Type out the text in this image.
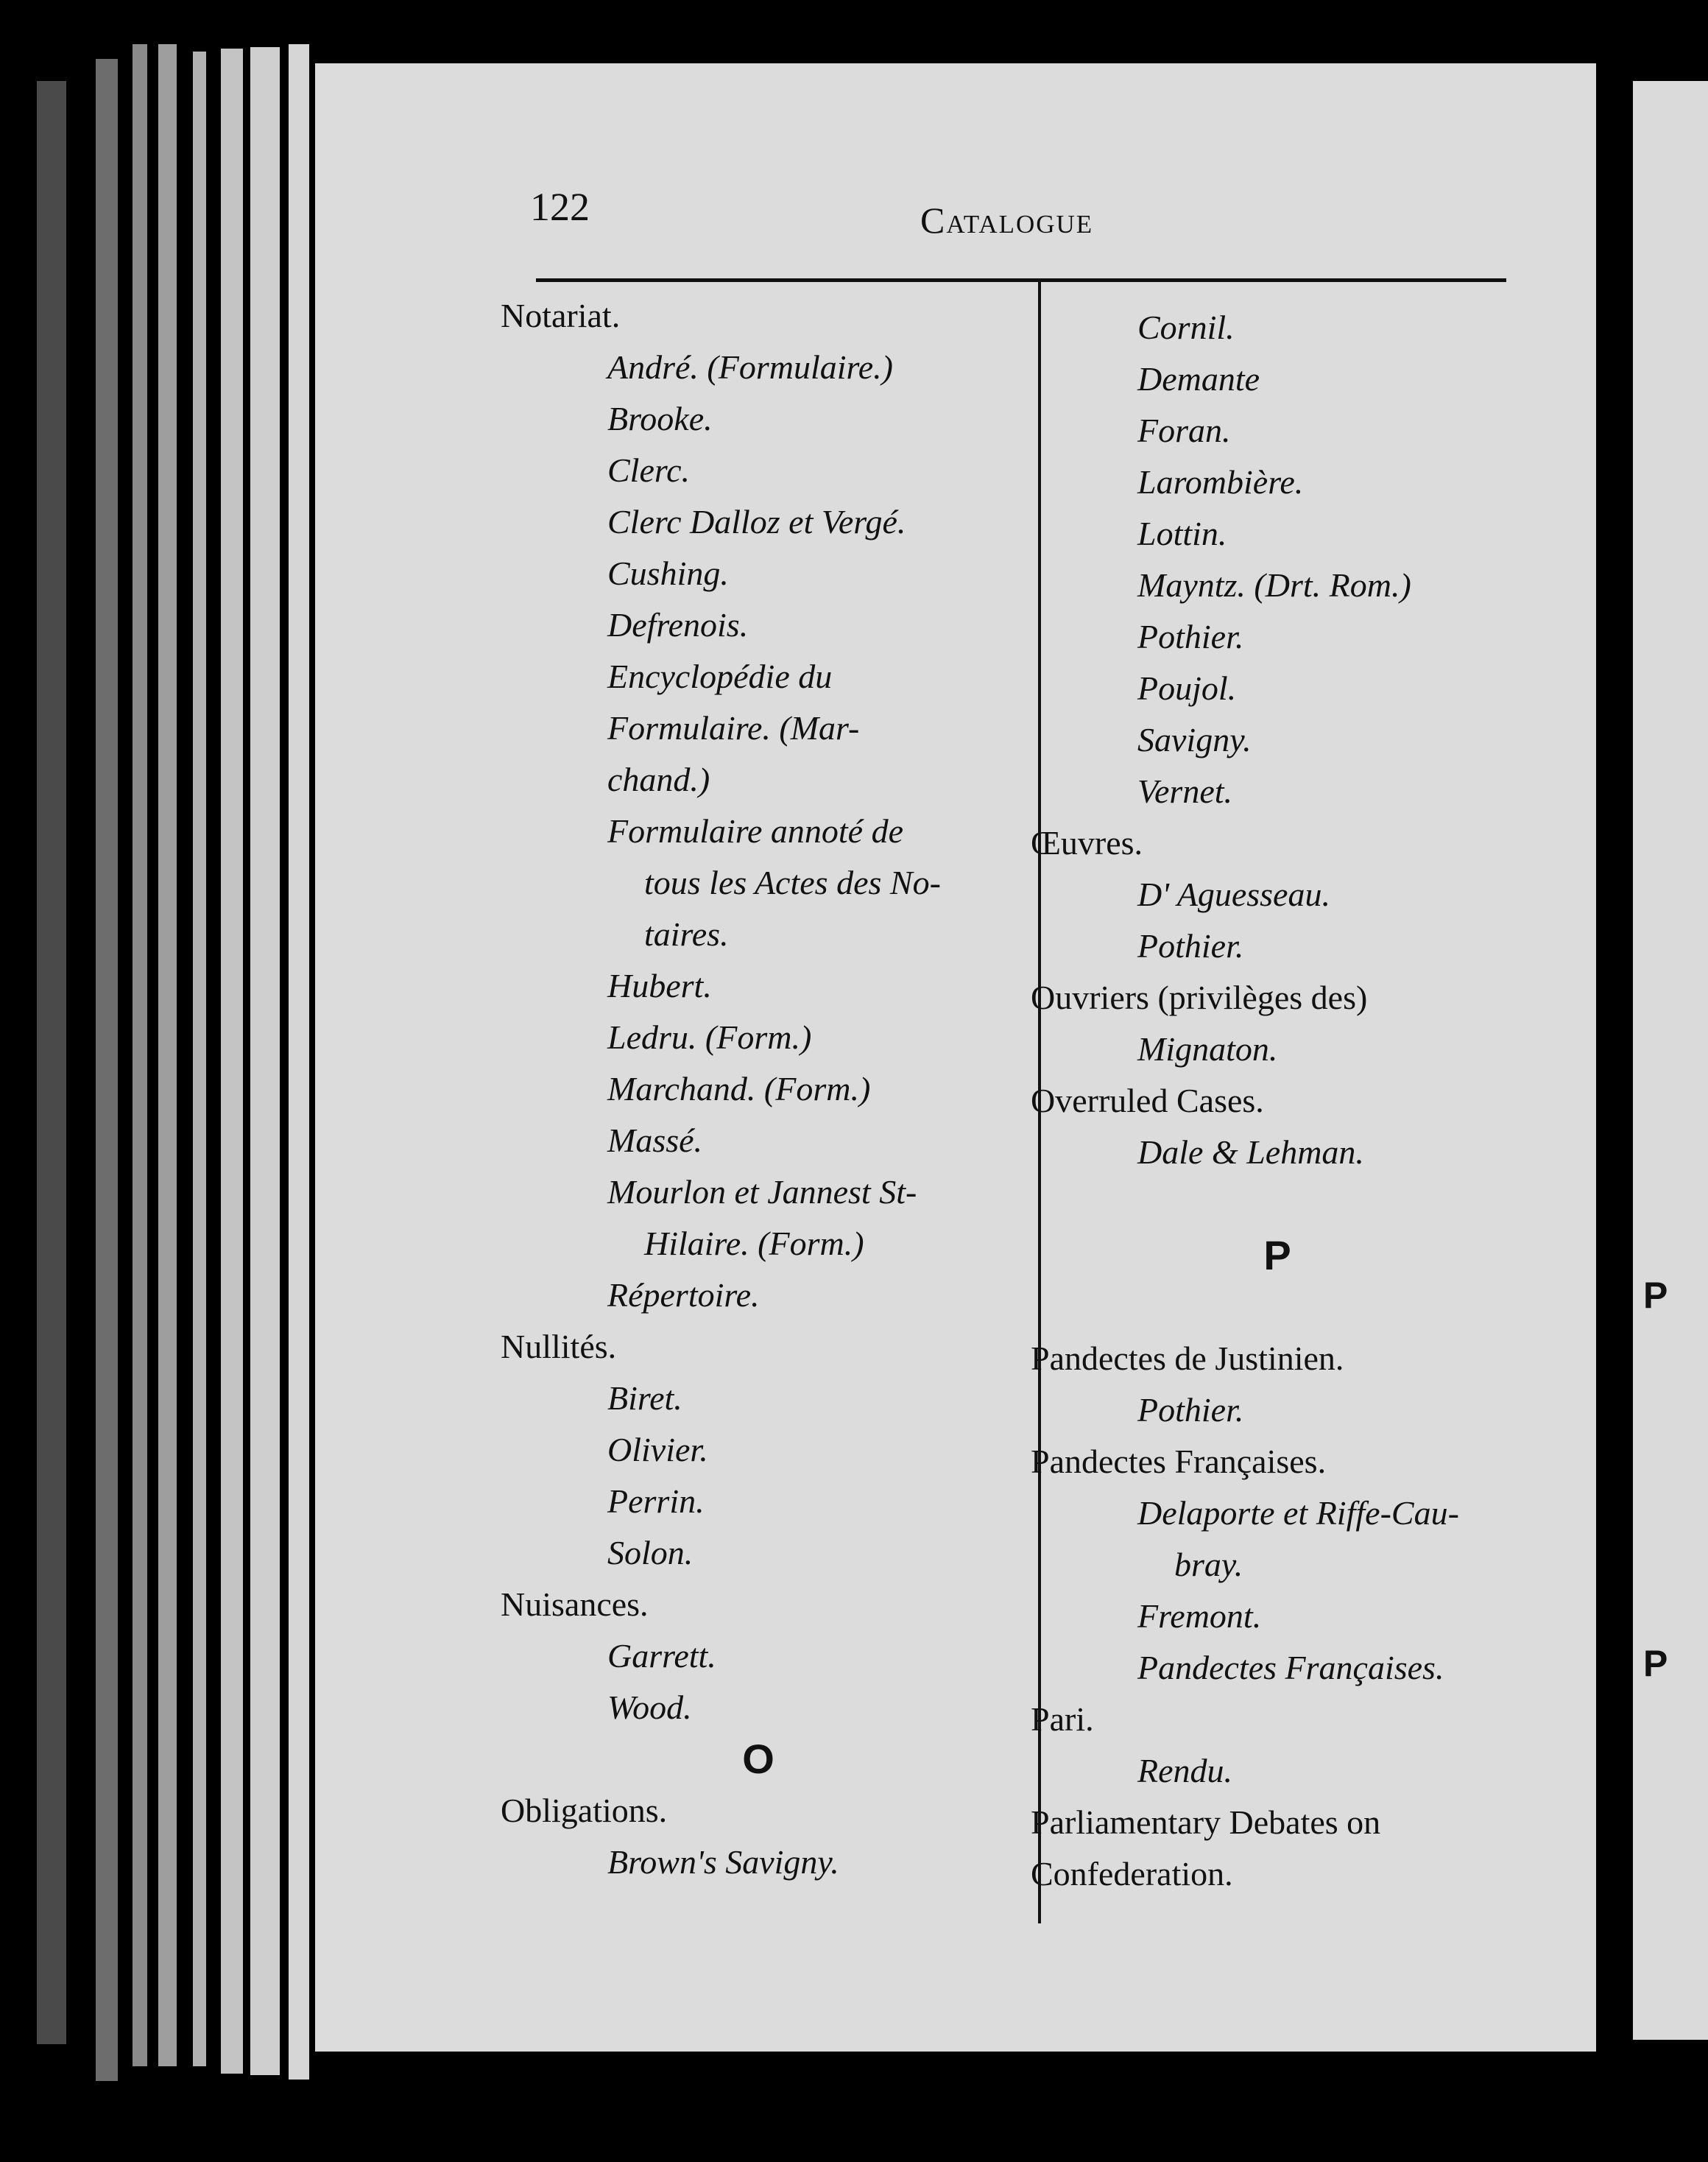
P
P
122	Catalogue
Notariat.
André. (Formulaire.)
Brooke.
Clerc.
Clerc Dalloz et Vergé.
Cushing.
Defrenois.
Encyclopédie du
Formulaire. (Mar-
chand.)
Formulaire annoté de
tous les Actes des No-
taires.
Hubert.
Ledru. (Form.)
Marchand. (Form.)
Massé.
Mourlon et Jannest St-
Hilaire. (Form.)
Répertoire.
Nullités.
Biret.
Olivier.
Perrin.
Solon.
Nuisances.
Garrett.
Wood.
O
Obligations.
Brown's Savigny.
Cornil.
Demante
Foran.
Larombière.
Lottin.
Mayntz. (Drt. Rom.)
Pothier.
Poujol.
Savigny.
Vernet.
Œuvres.
D' Aguesseau.
Pothier.
Ouvriers (privilèges des)
Mignaton.
Overruled Cases.
Dale & Lehman.
P
Pandectes de Justinien.
Pothier.
Pandectes Françaises.
Delaporte et Riffe-Cau-
bray.
Fremont.
Pandectes Françaises.
Pari.
Rendu.
Parliamentary Debates on
Confederation.
